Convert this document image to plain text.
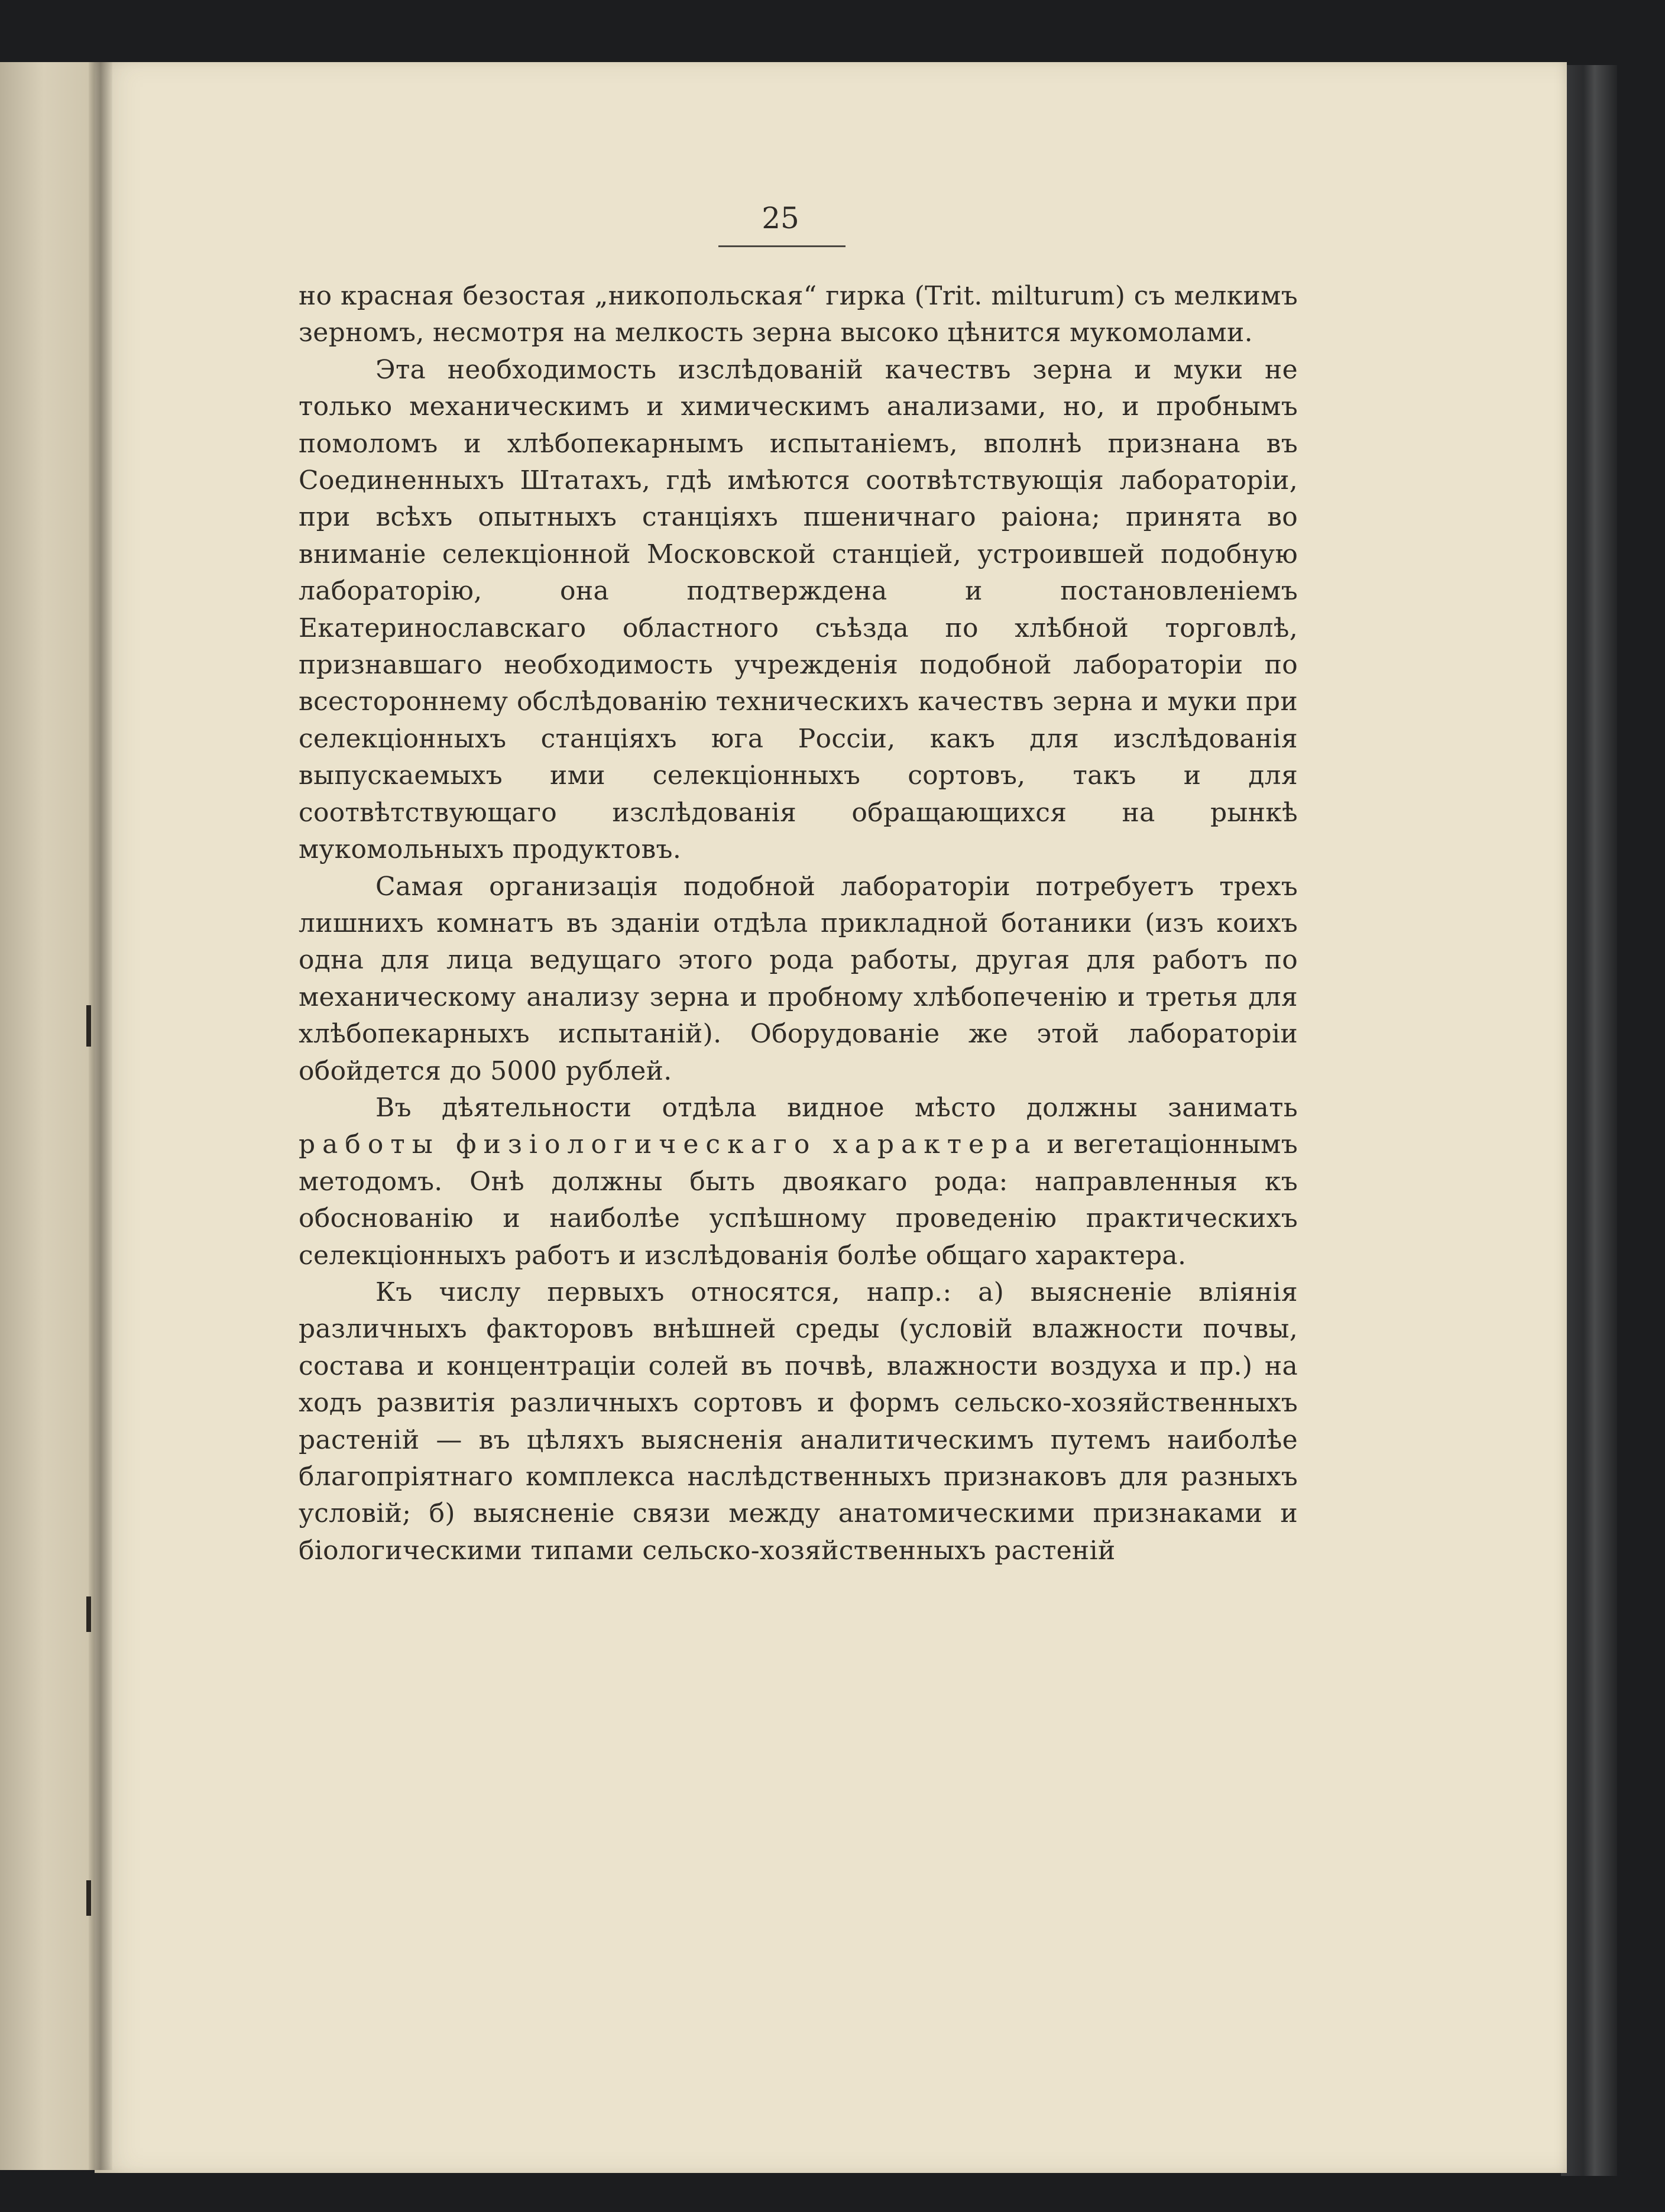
25

но красная безостая „никопольская“ гирка (Trit. milturum) съ мелкимъ зерномъ, несмотря на мелкость зерна высоко цѣнится мукомолами.

Эта необходимость изслѣдованій качествъ зерна и муки не только механическимъ и химическимъ анализами, но, и пробнымъ помоломъ и хлѣбопекарнымъ испытаніемъ, вполнѣ признана въ Соединенныхъ Штатахъ, гдѣ имѣются соотвѣтствующія лабораторіи, при всѣхъ опытныхъ станціяхъ пшеничнаго раiона; принята во вниманіе селекціонной Московской станціей, устроившей подобную лабораторію, она подтверждена и постановленіемъ Екатеринославскаго областного съѣзда по хлѣбной торговлѣ, признавшаго необходимость учрежденія подобной лабораторіи по всестороннему обслѣдованію техническихъ качествъ зерна и муки при селекціонныхъ станціяхъ юга Россіи, какъ для изслѣдованія выпускаемыхъ ими селекціонныхъ сортовъ, такъ и для соотвѣтствующаго изслѣдованія обращающихся на рынкѣ мукомольныхъ продуктовъ.

Самая организація подобной лабораторіи потребуетъ трехъ лишнихъ комнатъ въ зданіи отдѣла прикладной ботаники (изъ коихъ одна для лица ведущаго этого рода работы, другая для работъ по механическому анализу зерна и пробному хлѣбопеченію и третья для хлѣбопекарныхъ испытаній). Оборудованіе же этой лабораторіи обойдется до 5000 рублей.

Въ дѣятельности отдѣла видное мѣсто должны занимать работы физіологическаго характера и вегетаціоннымъ методомъ. Онѣ должны быть двоякаго рода: направленныя къ обоснованію и наиболѣе успѣшному проведенію практическихъ селекціонныхъ работъ и изслѣдованія болѣе общаго характера.

Къ числу первыхъ относятся, напр.: а) выясненіе вліянія различныхъ факторовъ внѣшней среды (условій влажности почвы, состава и концентраціи солей въ почвѣ, влажности воздуха и пр.) на ходъ развитія различныхъ сортовъ и формъ сельско-хозяйственныхъ растеній — въ цѣляхъ выясненія аналитическимъ путемъ наиболѣе благопріятнаго комплекса наслѣдственныхъ признаковъ для разныхъ условій; б) выясненіе связи между анатомическими признаками и біологическими типами сельско-хозяйственныхъ растеній
